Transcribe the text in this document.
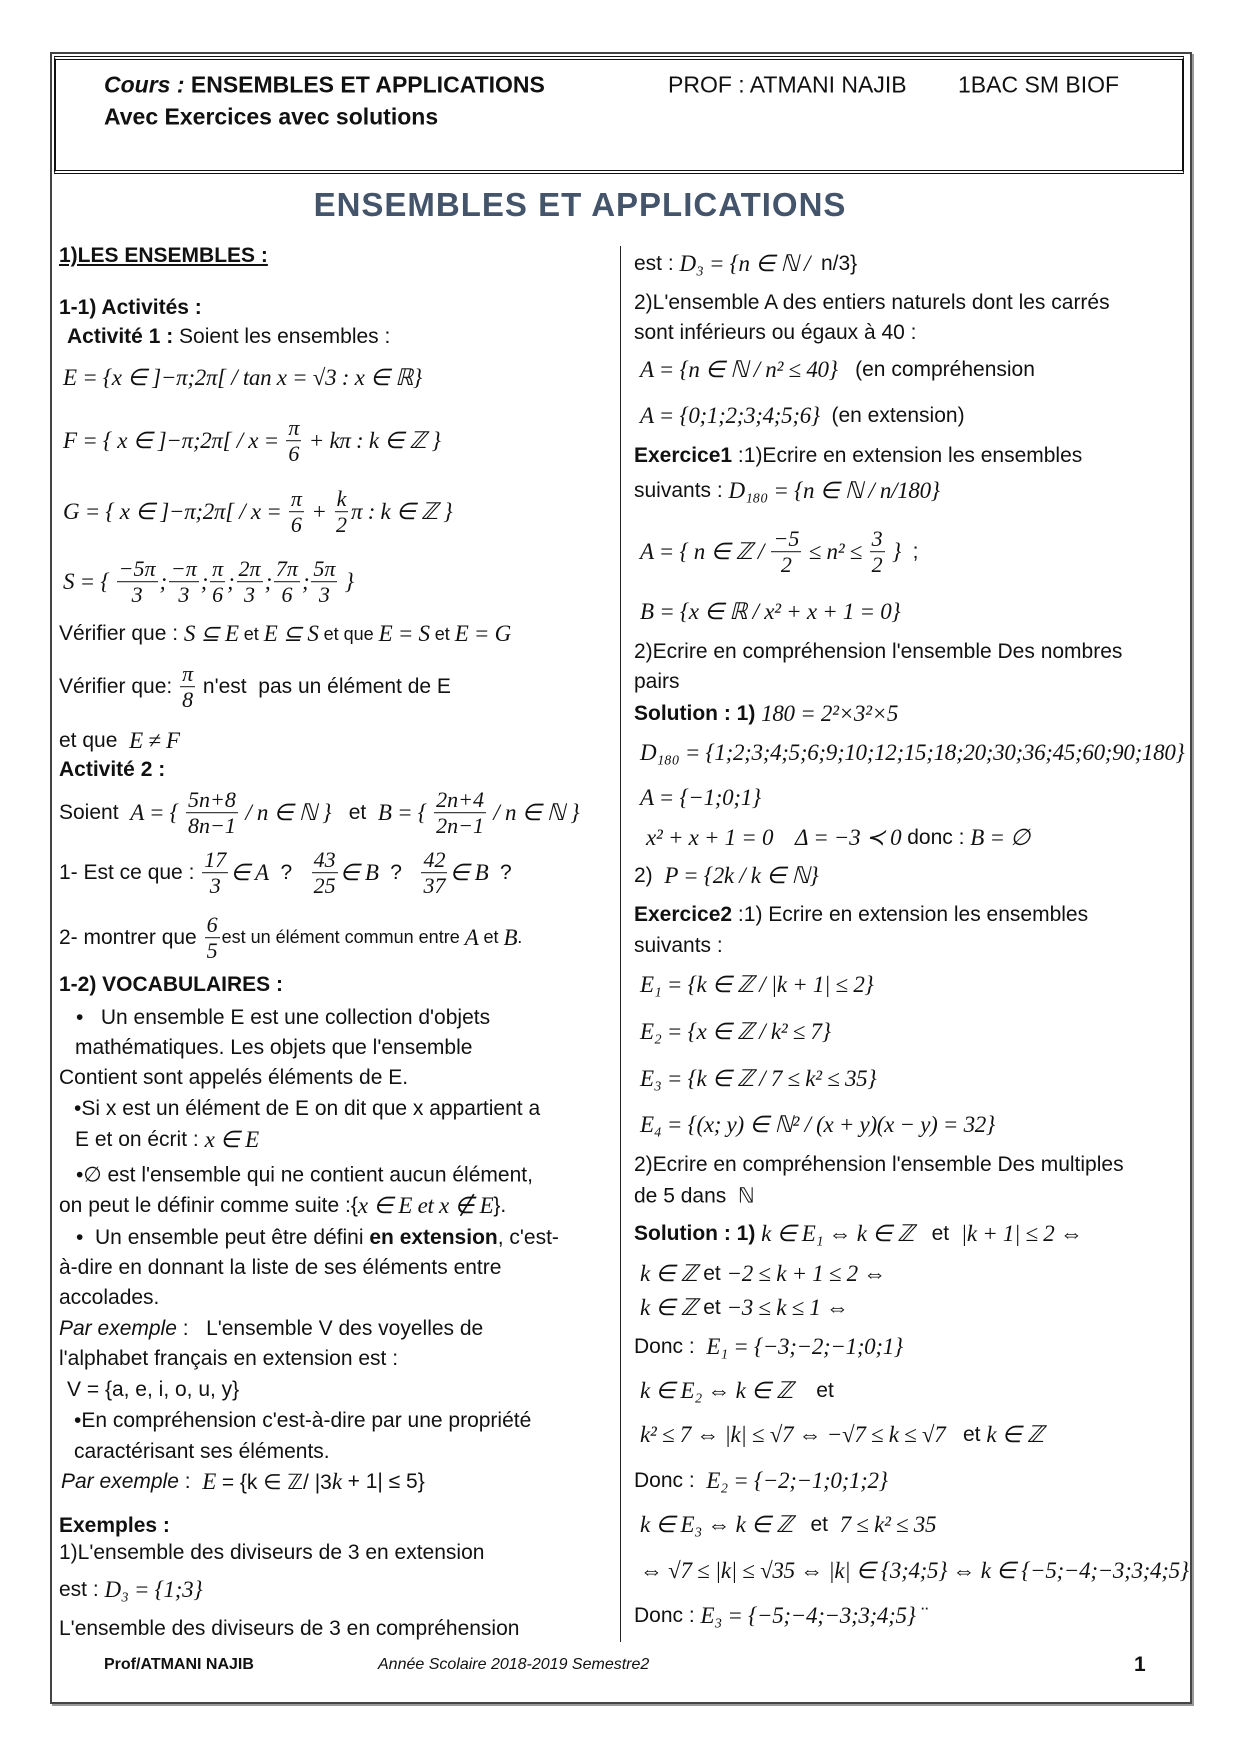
Cours : ENSEMBLES ET APPLICATIONS	PROF : ATMANI NAJIB 1BAC SM BIOF
Avec Exercices avec solutions
ENSEMBLES ET APPLICATIONS
1)LES ENSEMBLES :
1-1) Activités :
Activité 1 : Soient les ensembles :
E = {x ∈ ]−π;2π[ / tan x = √3 : x ∈ ℝ}
F = { x ∈ ]−π;2π[ / $x = \frac{\pi}{6} + k\pi$ : k ∈ ℤ }
G = { x ∈ ]−π;2π[ / $x = \frac{\pi}{6} + \frac{k}{2}$ π : k ∈ ℤ }
S = { $\frac{-5\pi}{3}$ ; $\frac{-\pi}{3}$ ; $\frac{\pi}{6}$ ; $\frac{2\pi}{3}$ ; $\frac{7\pi}{6}$ ; $\frac{5\pi}{3}$ }
Vérifier que : S ⊆ E et E ⊆ S et que E = S et E = G
Vérifier que: $\frac{\pi}{8} n'est$  pas un élément de E
et que E ≠ F
Activité 2 :
Soient A = { $\frac{5n+8}{8n-1}$ / n ∈ ℕ } et B = { $\frac{2n+4}{2n-1}$ / n ∈ ℕ }
1- Est ce que : $\frac{17}{3}$ ∈ A ? $\frac{43}{25}$ ∈ B ? $\frac{42}{37}$ ∈ B ?
2- montrer que $\frac{6}{5}$ est un élément commun entre A et B .
1-2) VOCABULAIRES :
•   Un ensemble E est une collection d'objets
mathématiques. Les objets que l'ensemble
Contient sont appelés éléments de E.
•Si x est un élément de E on dit que x appartient a
E et on écrit : x ∈ E
•∅ est l'ensemble qui ne contient aucun élément,
on peut le définir comme suite :{ x ∈ E et x ∉ E }.
•  Un ensemble peut être défini en extension , c'est-
à-dire en donnant la liste de ses éléments entre
accolades.
Par exemple :   L'ensemble V des voyelles de
l'alphabet français en extension est :
V = {a, e, i, o, u, y}
•En compréhension c'est-à-dire par une propriété
caractérisant ses éléments.
Par exemple : E = {k ∈ ℤ/ |3 k + 1| ≤ 5}
Exemples :
1)L'ensemble des diviseurs de 3 en extension
est : D₃ = {1;3}
L'ensemble des diviseurs de 3 en compréhension
est : D₃ = {n ∈ ℕ / n/3}
2)L'ensemble A des entiers naturels dont les carrés
sont inférieurs ou égaux à 40 :
A = {n ∈ ℕ / n² ≤ 40} (en compréhension
A = {0;1;2;3;4;5;6} (en extension)
Exercice1 :1)Ecrire en extension les ensembles
suivants : D₁₈₀ = {n ∈ ℕ / n/180}
A = { n ∈ ℤ / $\frac{-5}{2} \le n^2 \le \frac{3}{2}$ } ;
B = {x ∈ ℝ / x² + x + 1 = 0}
2)Ecrire en compréhension l'ensemble Des nombres
pairs
Solution : 1) 180 = 2²×3²×5
D₁₈₀ = {1;2;3;4;5;6;9;10;12;15;18;20;30;36;45;60;90;180}
A = {−1;0;1}
x² + x + 1 = 0    Δ = −3 ≺ 0 donc : B = ∅
2) P = {2k / k ∈ ℕ}
Exercice2 :1) Ecrire en extension les ensembles
suivants :
E₁ = {k ∈ ℤ / |k + 1| ≤ 2}
E₂ = {x ∈ ℤ / k² ≤ 7}
E₃ = {k ∈ ℤ / 7 ≤ k² ≤ 35}
E₄ = {(x; y) ∈ ℕ² / (x + y)(x − y) = 32}
2)Ecrire en compréhension l'ensemble Des multiples
de 5 dans  ℕ
Solution : 1) k ∈ E₁ ⇔ k ∈ ℤ et |k + 1| ≤ 2 ⇔
k ∈ ℤ et −2 ≤ k + 1 ≤ 2 ⇔
k ∈ ℤ et −3 ≤ k ≤ 1 ⇔
Donc : E₁ = {−3;−2;−1;0;1}
k ∈ E₂ ⇔ k ∈ ℤ et
k² ≤ 7 ⇔ |k| ≤ √7 ⇔ −√7 ≤ k ≤ √7 et k ∈ ℤ
Donc : E₂ = {−2;−1;0;1;2}
k ∈ E₃ ⇔ k ∈ ℤ et 7 ≤ k² ≤ 35
⇔ √7 ≤ |k| ≤ √35 ⇔ |k| ∈ {3;4;5} ⇔ k ∈ {−5;−4;−3;3;4;5}
Donc : E₃ = {−5;−4;−3;3;4;5} ¨
Prof/ATMANI NAJIB	Année Scolaire 2018-2019 Semestre2	1
